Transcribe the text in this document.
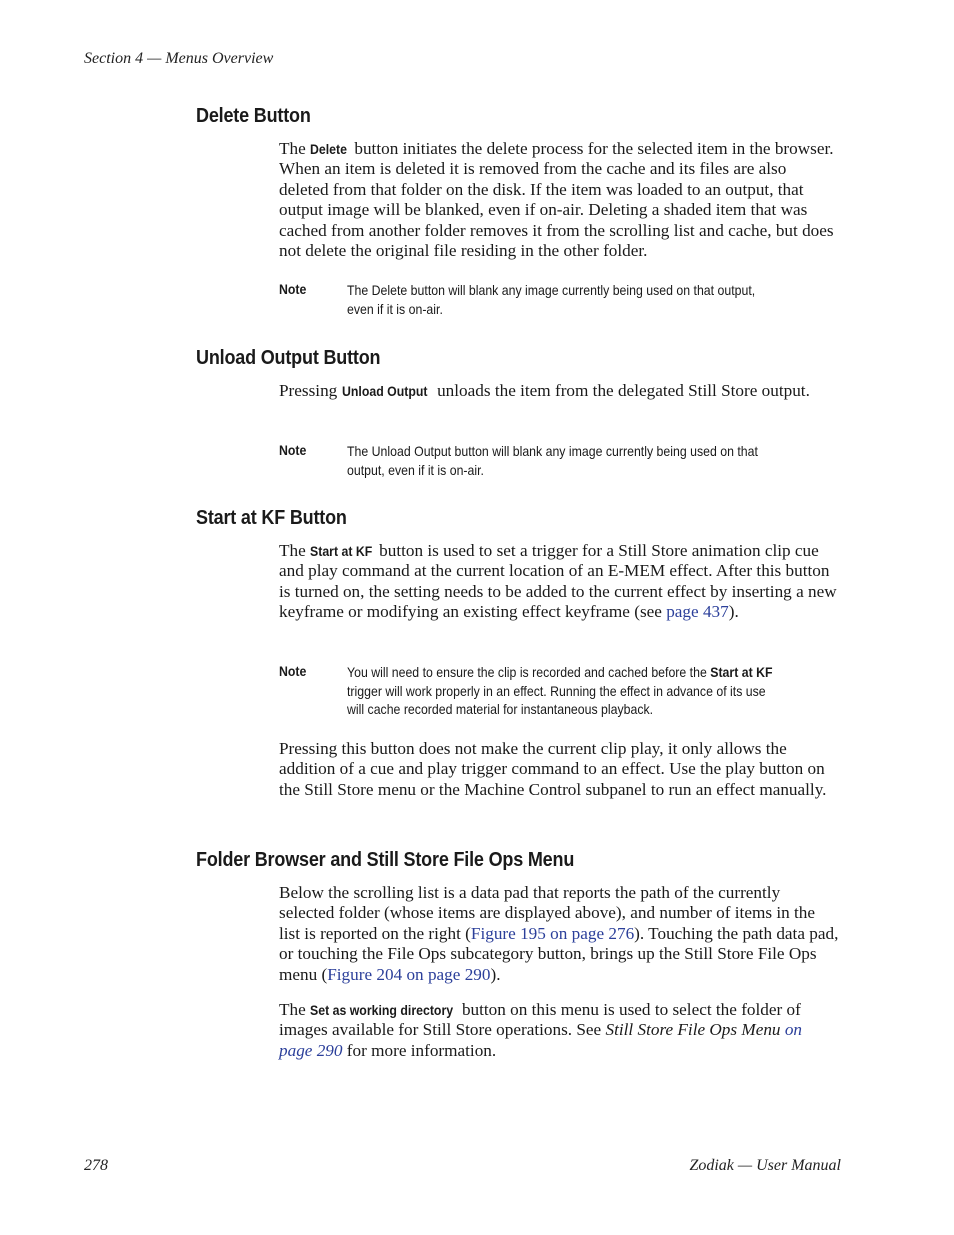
Section 4 — Menus Overview
Delete Button

The Delete button initiates the delete process for the selected item in the browser. When an item is deleted it is removed from the cache and its files are also deleted from that folder on the disk. If the item was loaded to an output, that output image will be blanked, even if on-air. Deleting a shaded item that was cached from another folder removes it from the scrolling list and cache, but does not delete the original file residing in the other folder.

Note	The Delete button will blank any image currently being used on that output,
even if it is on-air.
Unload Output Button

Pressing Unload Output unloads the item from the delegated Still Store output.

Note	The Unload Output button will blank any image currently being used on that
output, even if it is on-air.
Start at KF Button

The Start at KF button is used to set a trigger for a Still Store animation clip cue and play command at the current location of an E-MEM effect. After this button is turned on, the setting needs to be added to the current effect by inserting a new keyframe or modifying an existing effect keyframe (see page 437).

Note	You will need to ensure the clip is recorded and cached before the Start at KF
trigger will work properly in an effect. Running the effect in advance of its use
will cache recorded material for instantaneous playback.

Pressing this button does not make the current clip play, it only allows the addition of a cue and play trigger command to an effect. Use the play button on the Still Store menu or the Machine Control subpanel to run an effect manually.

Folder Browser and Still Store File Ops Menu

Below the scrolling list is a data pad that reports the path of the currently selected folder (whose items are displayed above), and number of items in the list is reported on the right (Figure 195 on page 276). Touching the path data pad, or touching the File Ops subcategory button, brings up the Still Store File Ops menu (Figure 204 on page 290).

The Set as working directory button on this menu is used to select the folder of images available for Still Store operations. See Still Store File Ops Menu on page 290 for more information.

278	Zodiak — User Manual
